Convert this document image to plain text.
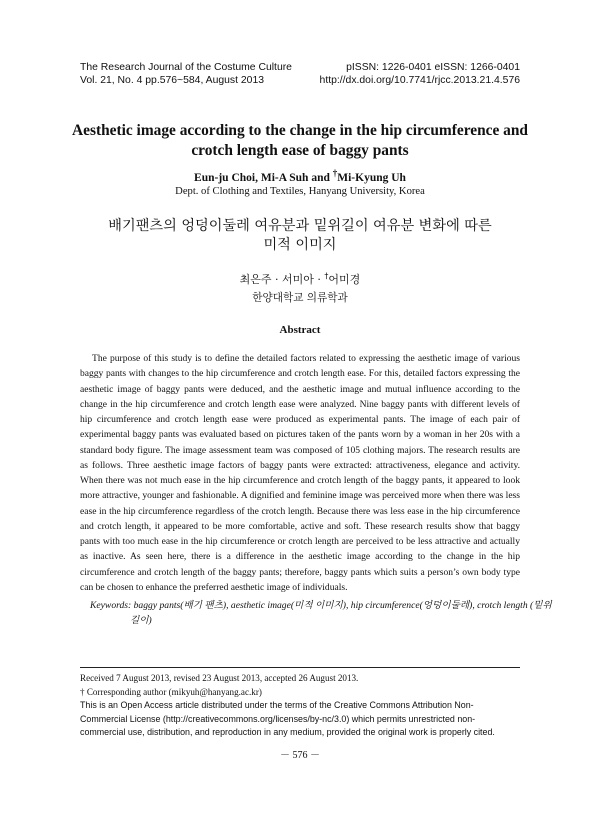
The Research Journal of the Costume Culture	pISSN: 1226-0401 eISSN: 1266-0401
Vol. 21, No. 4 pp.576~584, August 2013	http://dx.doi.org/10.7741/rjcc.2013.21.4.576
Aesthetic image according to the change in the hip circumference and
crotch length ease of baggy pants
Eun-ju Choi, Mi-A Suh and †Mi-Kyung Uh
Dept. of Clothing and Textiles, Hanyang University, Korea
배기팬츠의 엉덩이둘레 여유분과 밑위길이 여유분 변화에 따른
미적 이미지
최은주 · 서미아 · †어미경
한양대학교 의류학과
Abstract

The purpose of this study is to define the detailed factors related to expressing the aesthetic image of various baggy pants with changes to the hip circumference and crotch length ease. For this, detailed factors expressing the aesthetic image of baggy pants were deduced, and the aesthetic image and mutual influence according to the change in the hip circumference and crotch length ease were analyzed. Nine baggy pants with different levels of hip circumference and crotch length ease were produced as experimental pants. The image of each pair of experimental baggy pants was evaluated based on pictures taken of the pants worn by a woman in her 20s with a standard body figure. The image assessment team was composed of 105 clothing majors. The research results are as follows. Three aesthetic image factors of baggy pants were extracted: attractiveness, elegance and activity. When there was not much ease in the hip circumference and crotch length of the baggy pants, it appeared to look more attractive, younger and fashionable. A dignified and feminine image was perceived more when there was less ease in the hip circumference regardless of the crotch length. Because there was less ease in the hip circumference and crotch length, it appeared to be more comfortable, active and soft. These research results show that baggy pants with too much ease in the hip circumference or crotch length are perceived to be less attractive and actually as inactive. As seen here, there is a difference in the aesthetic image according to the change in the hip circumference and crotch length of the baggy pants; therefore, baggy pants which suits a person’s own body type can be chosen to enhance the preferred aesthetic image of individuals.

Keywords: baggy pants(배기 팬츠), aesthetic image(미적 이미지), hip circumference(엉덩이둘레), crotch length (밑위길이)
Received 7 August 2013, revised 23 August 2013, accepted 26 August 2013.
† Corresponding author (mikyuh@hanyang.ac.kr)
This is an Open Access article distributed under the terms of the Creative Commons Attribution Non-Commercial License (http://creativecommons.org/licenses/by-nc/3.0) which permits unrestricted non-commercial use, distribution, and reproduction in any medium, provided the original work is properly cited.
－ 576 －
